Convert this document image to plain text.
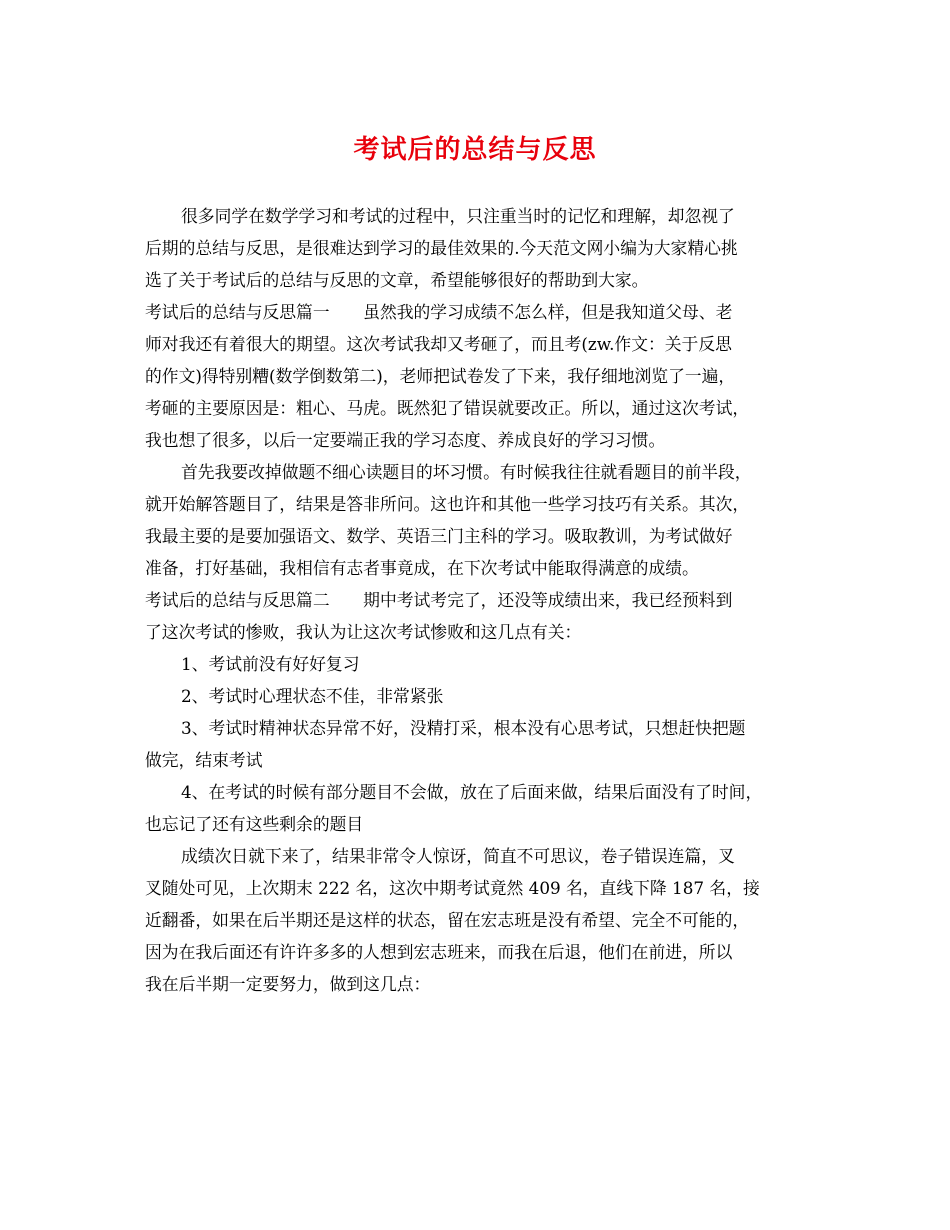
考试后的总结与反思
很多同学在数学学习和考试的过程中，只注重当时的记忆和理解，却忽视了
后期的总结与反思，是很难达到学习的最佳效果的.今天范文网小编为大家精心挑
选了关于考试后的总结与反思的文章，希望能够很好的帮助到大家。
考试后的总结与反思篇一　　虽然我的学习成绩不怎么样，但是我知道父母、老
师对我还有着很大的期望。这次考试我却又考砸了，而且考(zw.作文：关于反思
的作文)得特别糟(数学倒数第二)，老师把试卷发了下来，我仔细地浏览了一遍，
考砸的主要原因是：粗心、马虎。既然犯了错误就要改正。所以，通过这次考试，
我也想了很多，以后一定要端正我的学习态度、养成良好的学习习惯。
首先我要改掉做题不细心读题目的坏习惯。有时候我往往就看题目的前半段，
就开始解答题目了，结果是答非所问。这也许和其他一些学习技巧有关系。其次，
我最主要的是要加强语文、数学、英语三门主科的学习。吸取教训，为考试做好
准备，打好基础，我相信有志者事竟成，在下次考试中能取得满意的成绩。
考试后的总结与反思篇二　　期中考试考完了，还没等成绩出来，我已经预料到
了这次考试的惨败，我认为让这次考试惨败和这几点有关：
1、考试前没有好好复习
2、考试时心理状态不佳，非常紧张
3、考试时精神状态异常不好，没精打采，根本没有心思考试，只想赶快把题
做完，结束考试
4、在考试的时候有部分题目不会做，放在了后面来做，结果后面没有了时间，
也忘记了还有这些剩余的题目
成绩次日就下来了，结果非常令人惊讶，简直不可思议，卷子错误连篇，叉
叉随处可见，上次期末 222 名，这次中期考试竟然 409 名，直线下降 187 名，接
近翻番，如果在后半期还是这样的状态，留在宏志班是没有希望、完全不可能的，
因为在我后面还有许许多多的人想到宏志班来，而我在后退，他们在前进，所以
我在后半期一定要努力，做到这几点：
